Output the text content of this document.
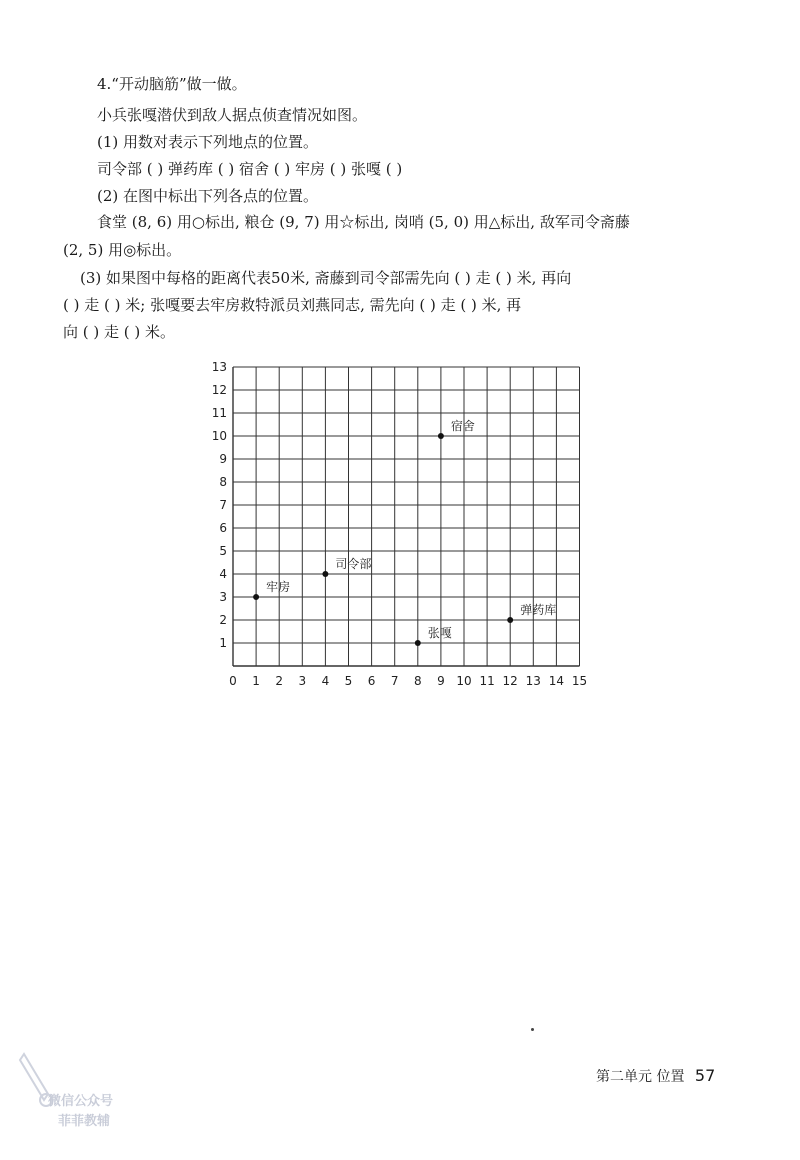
4.“开动脑筋”做一做。
小兵张嘎潜伏到敌人据点侦查情况如图。
(1) 用数对表示下列地点的位置。
司令部 ( ) 弹药库 ( ) 宿舍 ( ) 牢房 ( ) 张嘎 ( )
(2) 在图中标出下列各点的位置。
食堂 (8, 6) 用○标出, 粮仓 (9, 7) 用☆标出, 岗哨 (5, 0) 用△标出, 敌军司令斋藤
(2, 5) 用◎标出。
(3) 如果图中每格的距离代表50米, 斋藤到司令部需先向 ( ) 走 ( ) 米, 再向
( ) 走 ( ) 米; 张嘎要去牢房救特派员刘燕同志, 需先向 ( ) 走 ( ) 米, 再
向 ( ) 走 ( ) 米。
0 1 2 3 4 5 6 7 8 9 10 11 12 13 14 15
1
2
3
4
5
6
7
8
9
10
11
12
13
宿舍
司令部
牢房
弹药库
张嘎
微信公众号
菲菲教辅
第二单元 位置 57
